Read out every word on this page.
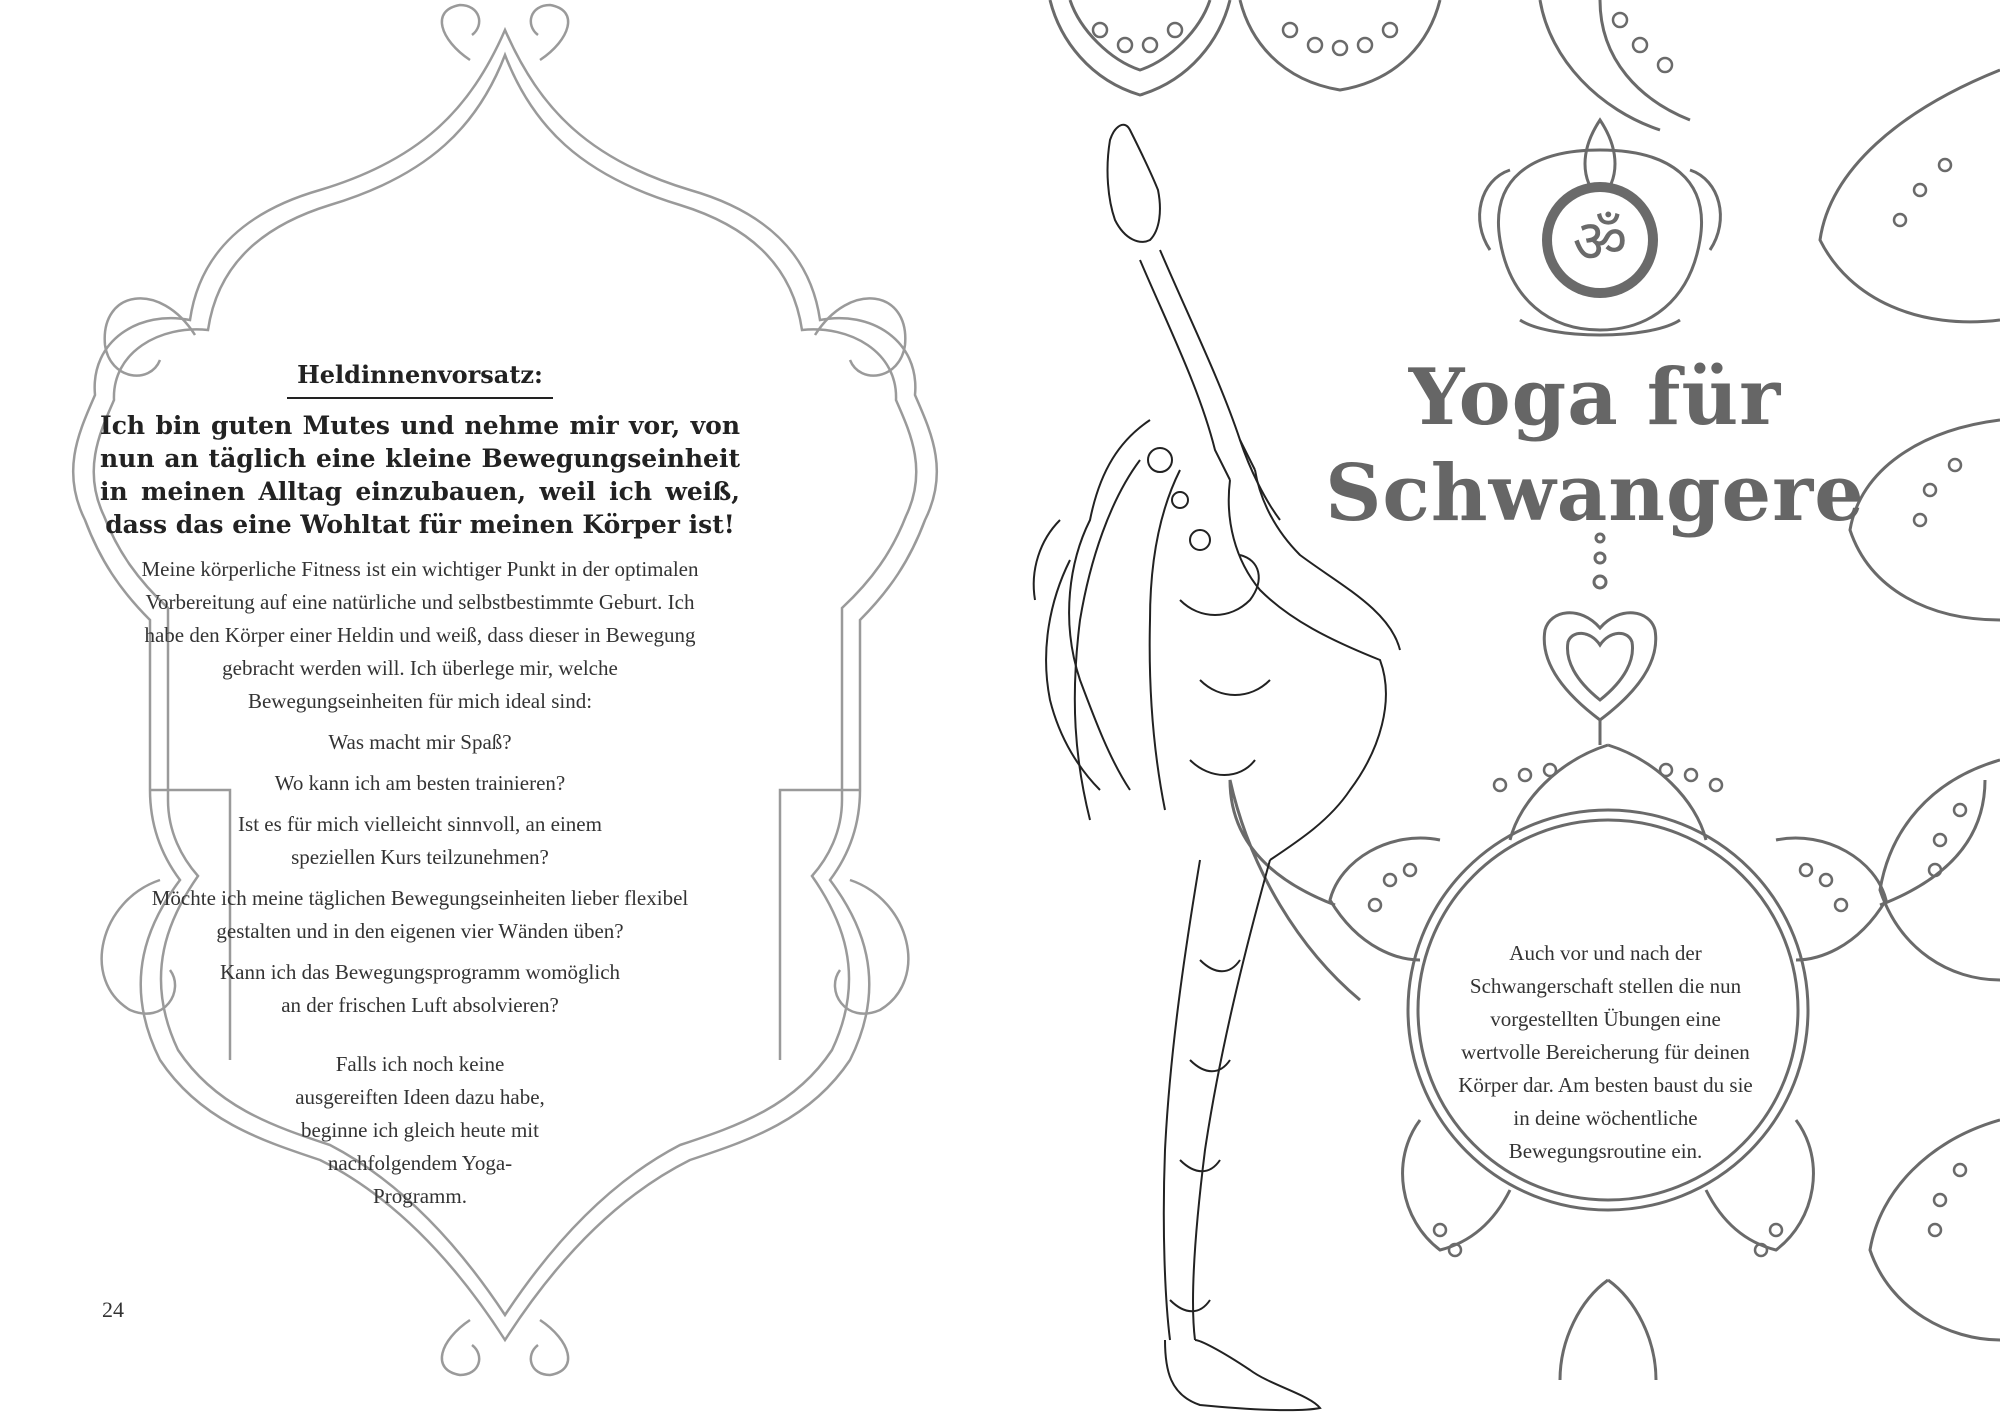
ॐ
Heldinnenvorsatz:

Ich bin guten Mutes und nehme mir vor, von nun an täglich eine kleine Bewegungseinheit in meinen Alltag einzubauen, weil ich weiß, dass das eine Wohltat für meinen Körper ist!

Meine körperliche Fitness ist ein wichtiger Punkt in der optimalen Vorbereitung auf eine natürliche und selbstbestimmte Geburt. Ich habe den Körper einer Heldin und weiß, dass dieser in Bewegung gebracht werden will. Ich überlege mir, welche Bewegungseinheiten für mich ideal sind:

Was macht mir Spaß?

Wo kann ich am besten trainieren?

Ist es für mich vielleicht sinnvoll, an einem speziellen Kurs teilzunehmen?

Möchte ich meine täglichen Bewegungseinheiten lieber flexibel gestalten und in den eigenen vier Wänden üben?

Kann ich das Bewegungsprogramm womöglich an der frischen Luft absolvieren?

Falls ich noch keine ausgereiften Ideen dazu habe, beginne ich gleich heute mit nachfolgendem Yoga-Programm.

24
Yoga für
Schwangere

Auch vor und nach der Schwangerschaft stellen die nun vorgestellten Übungen eine wertvolle Bereicherung für deinen Körper dar. Am besten baust du sie in deine wöchentliche Bewegungsroutine ein.
